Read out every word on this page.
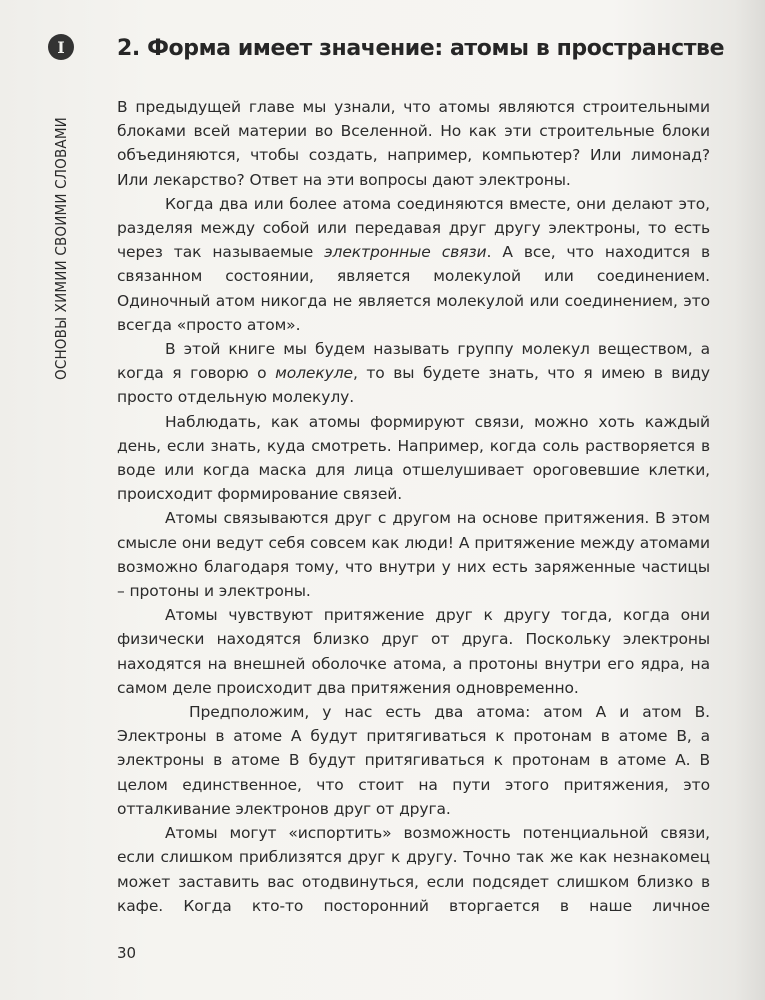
I
ОСНОВЫ ХИМИИ СВОИМИ СЛОВАМИ
2. Форма имеет значение: атомы в пространстве

В предыдущей главе мы узнали, что атомы являются строительными блоками всей материи во Вселенной. Но как эти строительные блоки объединяются, чтобы создать, например, компьютер? Или лимонад? Или лекарство? Ответ на эти вопросы дают электроны.

Когда два или более атома соединяются вместе, они делают это, разделяя между собой или передавая друг другу электроны, то есть через так называемые электронные связи. А все, что находится в связанном состоянии, является молекулой или соединением. Одиночный атом никогда не является молекулой или соединением, это всегда «просто атом».

В этой книге мы будем называть группу молекул веществом, а когда я говорю о молекуле, то вы будете знать, что я имею в виду просто отдельную молекулу.

Наблюдать, как атомы формируют связи, можно хоть каждый день, если знать, куда смотреть. Например, когда соль растворяется в воде или когда маска для лица отшелушивает ороговевшие клетки, происходит формирование связей.

Атомы связываются друг с другом на основе притяжения. В этом смысле они ведут себя совсем как люди! А притяжение между атомами возможно благодаря тому, что внутри у них есть заряженные частицы – протоны и электроны.

Атомы чувствуют притяжение друг к другу тогда, когда они физически находятся близко друг от друга. Поскольку электроны находятся на внешней оболочке атома, а протоны внутри его ядра, на самом деле происходит два притяжения одновременно.

Предположим, у нас есть два атома: атом А и атом В. Электроны в атоме А будут притягиваться к протонам в атоме В, а электроны в атоме В будут притягиваться к протонам в атоме А. В целом единственное, что стоит на пути этого притяжения, это отталкивание электронов друг от друга.

Атомы могут «испортить» возможность потенциальной связи, если слишком приблизятся друг к другу. Точно так же как незнакомец может заставить вас отодвинуться, если подсядет слишком близко в кафе. Когда кто-то посторонний вторгается в наше личное

30
